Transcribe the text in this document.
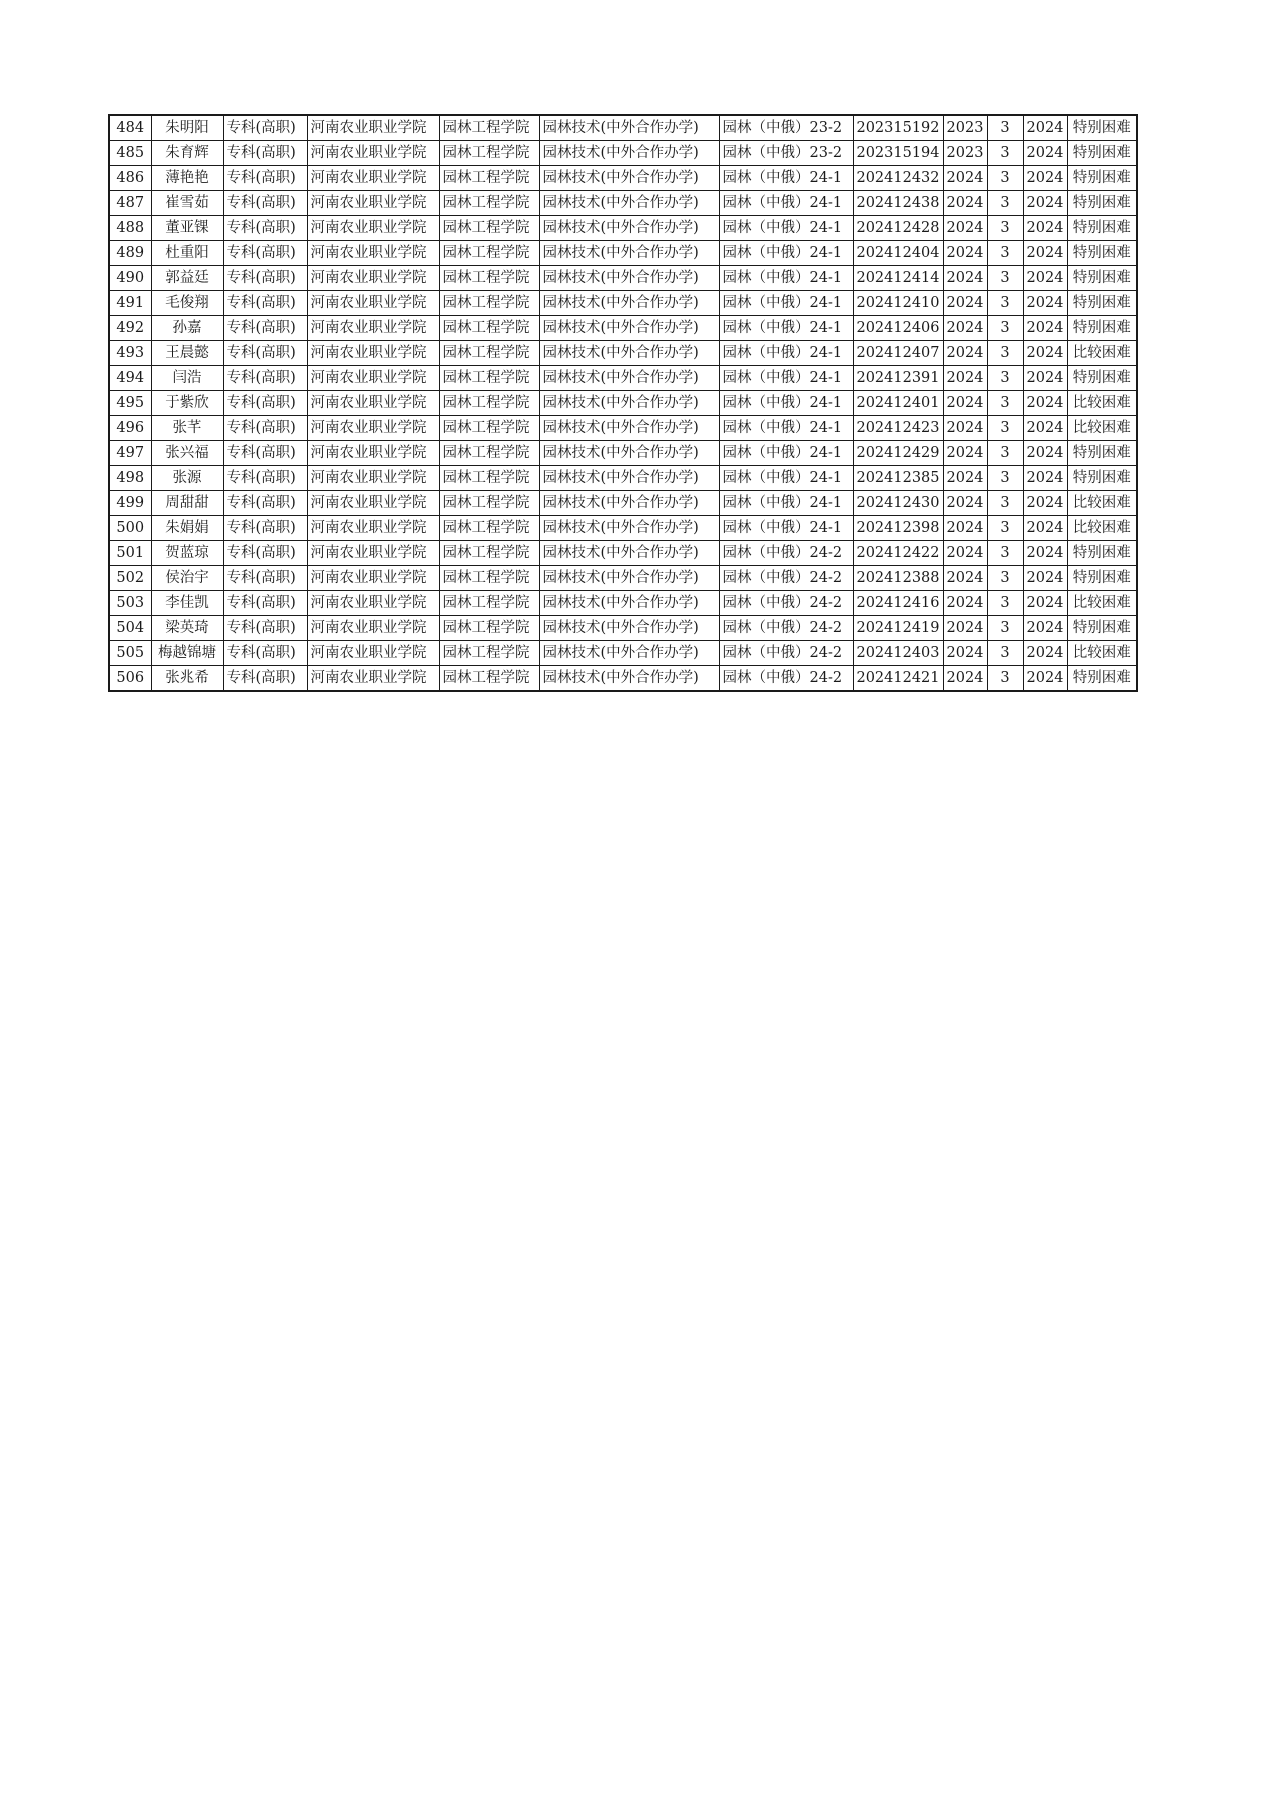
484	朱明阳	专科(高职)	河南农业职业学院	园林工程学院	园林技术(中外合作办学)	园林（中俄）23-2	202315192	2023	3	2024	特别困难
485	朱育辉	专科(高职)	河南农业职业学院	园林工程学院	园林技术(中外合作办学)	园林（中俄）23-2	202315194	2023	3	2024	特别困难
486	薄艳艳	专科(高职)	河南农业职业学院	园林工程学院	园林技术(中外合作办学)	园林（中俄）24-1	202412432	2024	3	2024	特别困难
487	崔雪茹	专科(高职)	河南农业职业学院	园林工程学院	园林技术(中外合作办学)	园林（中俄）24-1	202412438	2024	3	2024	特别困难
488	董亚锞	专科(高职)	河南农业职业学院	园林工程学院	园林技术(中外合作办学)	园林（中俄）24-1	202412428	2024	3	2024	特别困难
489	杜重阳	专科(高职)	河南农业职业学院	园林工程学院	园林技术(中外合作办学)	园林（中俄）24-1	202412404	2024	3	2024	特别困难
490	郭益廷	专科(高职)	河南农业职业学院	园林工程学院	园林技术(中外合作办学)	园林（中俄）24-1	202412414	2024	3	2024	特别困难
491	毛俊翔	专科(高职)	河南农业职业学院	园林工程学院	园林技术(中外合作办学)	园林（中俄）24-1	202412410	2024	3	2024	特别困难
492	孙嘉	专科(高职)	河南农业职业学院	园林工程学院	园林技术(中外合作办学)	园林（中俄）24-1	202412406	2024	3	2024	特别困难
493	王晨懿	专科(高职)	河南农业职业学院	园林工程学院	园林技术(中外合作办学)	园林（中俄）24-1	202412407	2024	3	2024	比较困难
494	闫浩	专科(高职)	河南农业职业学院	园林工程学院	园林技术(中外合作办学)	园林（中俄）24-1	202412391	2024	3	2024	特别困难
495	于紫欣	专科(高职)	河南农业职业学院	园林工程学院	园林技术(中外合作办学)	园林（中俄）24-1	202412401	2024	3	2024	比较困难
496	张芊	专科(高职)	河南农业职业学院	园林工程学院	园林技术(中外合作办学)	园林（中俄）24-1	202412423	2024	3	2024	比较困难
497	张兴福	专科(高职)	河南农业职业学院	园林工程学院	园林技术(中外合作办学)	园林（中俄）24-1	202412429	2024	3	2024	特别困难
498	张源	专科(高职)	河南农业职业学院	园林工程学院	园林技术(中外合作办学)	园林（中俄）24-1	202412385	2024	3	2024	特别困难
499	周甜甜	专科(高职)	河南农业职业学院	园林工程学院	园林技术(中外合作办学)	园林（中俄）24-1	202412430	2024	3	2024	比较困难
500	朱娟娟	专科(高职)	河南农业职业学院	园林工程学院	园林技术(中外合作办学)	园林（中俄）24-1	202412398	2024	3	2024	比较困难
501	贺蓝琼	专科(高职)	河南农业职业学院	园林工程学院	园林技术(中外合作办学)	园林（中俄）24-2	202412422	2024	3	2024	特别困难
502	侯治宇	专科(高职)	河南农业职业学院	园林工程学院	园林技术(中外合作办学)	园林（中俄）24-2	202412388	2024	3	2024	特别困难
503	李佳凯	专科(高职)	河南农业职业学院	园林工程学院	园林技术(中外合作办学)	园林（中俄）24-2	202412416	2024	3	2024	比较困难
504	梁英琦	专科(高职)	河南农业职业学院	园林工程学院	园林技术(中外合作办学)	园林（中俄）24-2	202412419	2024	3	2024	特别困难
505	梅越锦塘	专科(高职)	河南农业职业学院	园林工程学院	园林技术(中外合作办学)	园林（中俄）24-2	202412403	2024	3	2024	比较困难
506	张兆希	专科(高职)	河南农业职业学院	园林工程学院	园林技术(中外合作办学)	园林（中俄）24-2	202412421	2024	3	2024	特别困难
